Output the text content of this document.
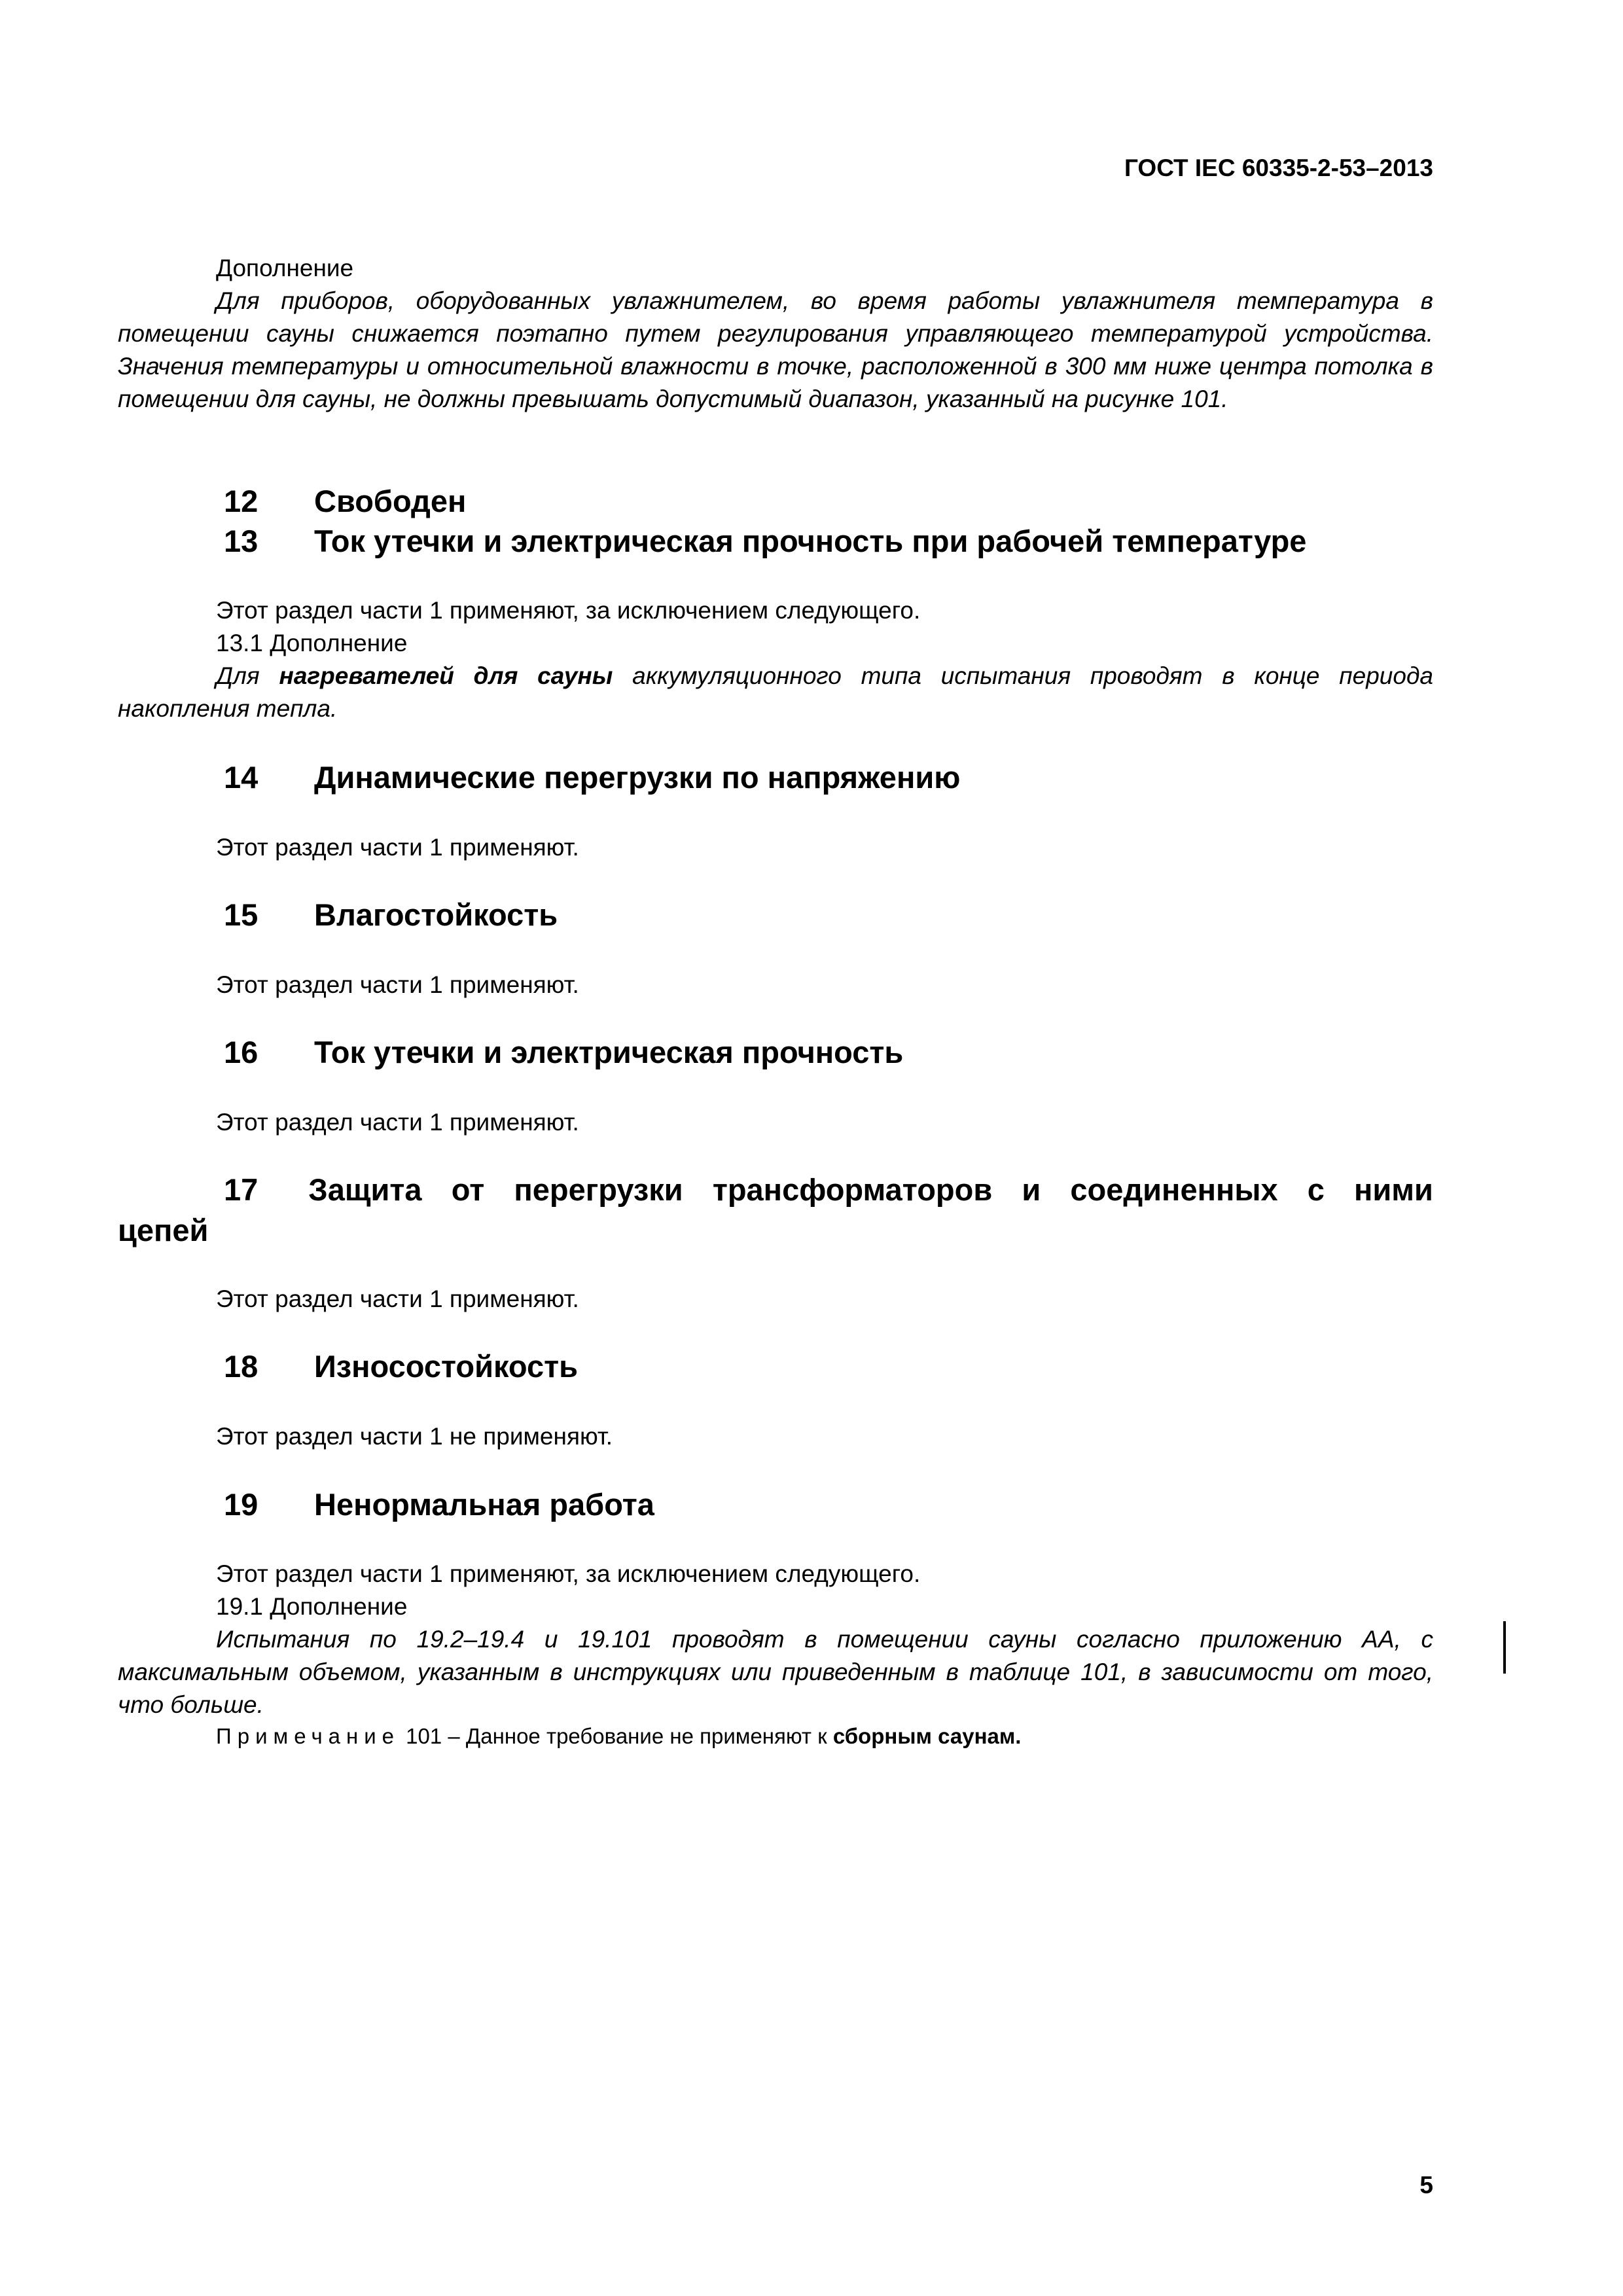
ГОСТ IEC 60335-2-53–2013
Дополнение
Для приборов, оборудованных увлажнителем, во время работы увлажнителя температура в помещении сауны снижается поэтапно путем регулирования управляющего температурой устройства. Значения температуры и относительной влажности в точке, расположенной в 300 мм ниже центра потолка в помещении для сауны, не должны превышать допустимый диапазон, указанный на рисунке 101.
12 Свободен
13 Ток утечки и электрическая прочность при рабочей температуре
Этот раздел части 1 применяют, за исключением следующего.
13.1 Дополнение
Для нагревателей для сауны аккумуляционного типа испытания проводят в конце периода накопления тепла.
14 Динамические перегрузки по напряжению
Этот раздел части 1 применяют.
15 Влагостойкость
Этот раздел части 1 применяют.
16 Ток утечки и электрическая прочность
Этот раздел части 1 применяют.
17 Защита от перегрузки трансформаторов и соединенных с ними
цепей
Этот раздел части 1 применяют.
18 Износостойкость
Этот раздел части 1 не применяют.
19 Ненормальная работа
Этот раздел части 1 применяют, за исключением следующего.
19.1 Дополнение
Испытания по 19.2–19.4 и 19.101 проводят в помещении сауны согласно приложению АА, с максимальным объемом, указанным в инструкциях или приведенным в таблице 101, в зависимости от того, что больше.
Примечание 101 – Данное требование не применяют к сборным саунам.
5
